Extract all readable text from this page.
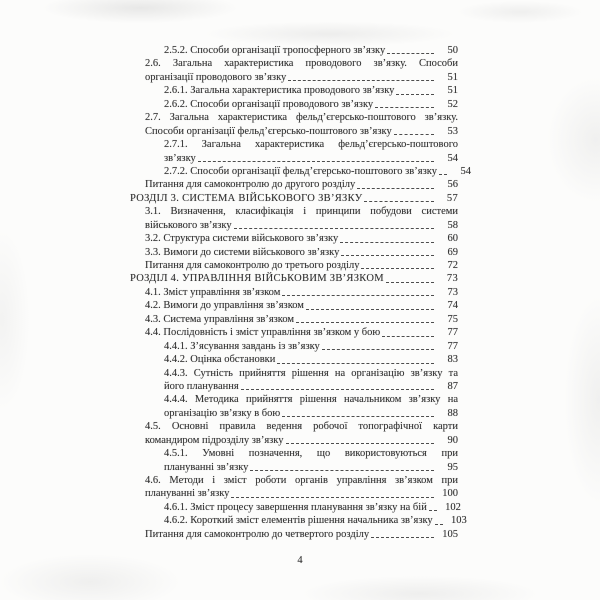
2.5.2. Способи організації тропосферного зв’язку	50
2.6. Загальна характеристика проводового зв’язку. Способи
організації проводового зв’язку	51
2.6.1. Загальна характеристика проводового зв’язку	51
2.6.2. Способи організації проводового зв’язку	52
2.7. Загальна характеристика фельд’єгерсько-поштового зв’язку.
Способи організації фельд’єгерсько-поштового зв’язку	53
2.7.1. Загальна характеристика фельд’єгерсько-поштового
зв’язку	54
2.7.2. Способи організації фельд’єгерсько-поштового зв’язку	54
Питання для самоконтролю до другого розділу	56
РОЗДІЛ 3. СИСТЕМА ВІЙСЬКОВОГО ЗВ’ЯЗКУ	57
3.1. Визначення, класифікація і принципи побудови системи
військового зв’язку	58
3.2. Структура системи військового зв’язку	60
3.3. Вимоги до системи військового зв’язку	69
Питання для самоконтролю до третього розділу	72
РОЗДІЛ 4. УПРАВЛІННЯ ВІЙСЬКОВИМ ЗВ’ЯЗКОМ	73
4.1. Зміст управління зв’язком	73
4.2. Вимоги до управління зв’язком	74
4.3. Система управління зв’язком	75
4.4. Послідовність і зміст управління зв’язком у бою	77
4.4.1. З’ясування завдань із зв’язку	77
4.4.2. Оцінка обстановки	83
4.4.3. Сутність прийняття рішення на організацію зв’язку та
його планування	87
4.4.4. Методика прийняття рішення начальником зв’язку на
організацію зв’язку в бою	88
4.5. Основні правила ведення робочої топографічної карти
командиром підрозділу зв’язку	90
4.5.1. Умовні позначення, що використовуються при
плануванні зв’язку	95
4.6. Методи і зміст роботи органів управління зв’язком при
плануванні зв’язку	100
4.6.1. Зміст процесу завершення планування зв’язку на бій	102
4.6.2. Короткий зміст елементів рішення начальника зв’язку	103
Питання для самоконтролю до четвертого розділу	105
4
